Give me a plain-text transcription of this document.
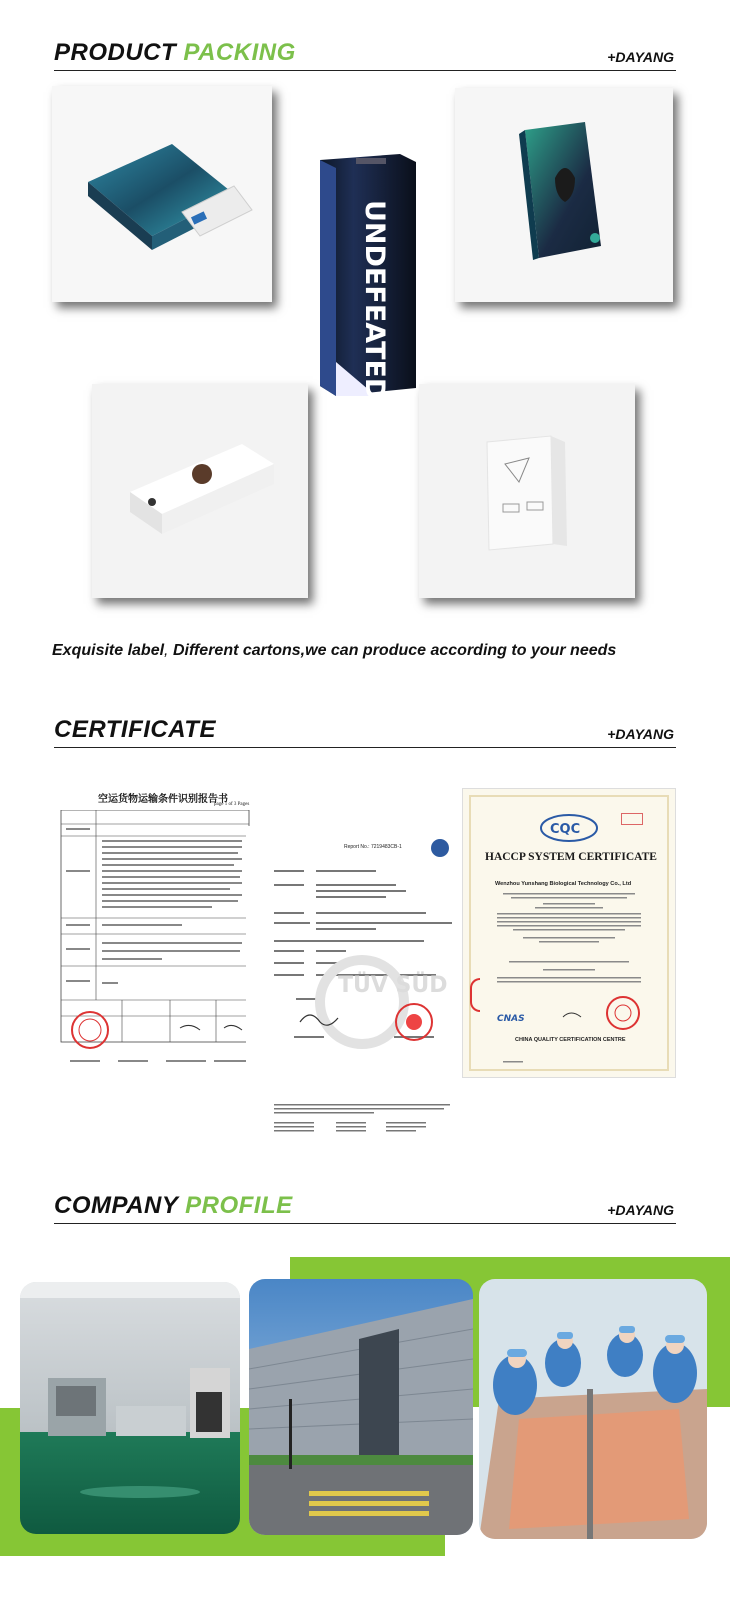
PRODUCT PACKING	+DAYANG
UNDEFEATED
Exquisite label, Different cartons,we can produce according to your needs
CERTIFICATE	+DAYANG
空运货物运输条件识别报告书
page 1 of 3 Pages
Report No.: 7219483CB-1
TÜV SÜD
CQC
HACCP SYSTEM CERTIFICATE
Wenzhou Yunshang Biological Technology Co., Ltd
CNAS
CHINA QUALITY CERTIFICATION CENTRE
COMPANY PROFILE	+DAYANG
